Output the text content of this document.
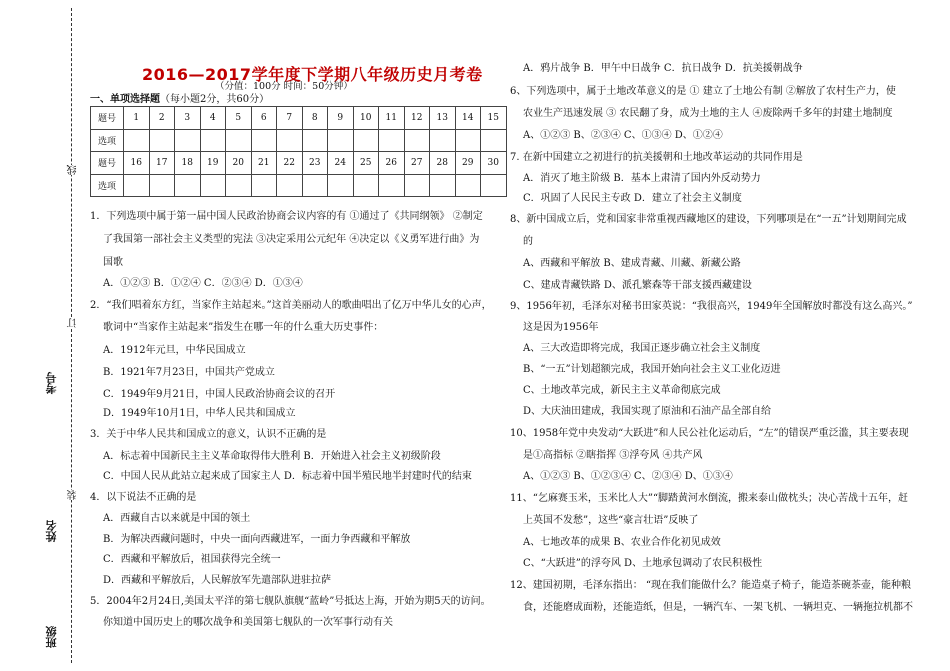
线
订
考号
装
姓名
班级
2016—2017学年度下学期八年级历史月考卷
（分值：100分 时间：50分钟）
一、单项选择题（每小题2分，共60分）
题号	1	2	3	4	5	6	7	8	9	10	11	12	13	14	15
选项															
题号	16	17	18	19	20	21	22	23	24	25	26	27	28	29	30
选项															
1．下列选项中属于第一届中国人民政治协商会议内容的有 ①通过了《共同纲领》 ②制定
了我国第一部社会主义类型的宪法 ③决定采用公元纪年 ④决定以《义勇军进行曲》为
国歌
A．①②③ B．①②④ C．②③④ D．①③④
2．“我们唱着东方红，当家作主站起来。”这首美丽动人的歌曲唱出了亿万中华儿女的心声，
歌词中“当家作主站起来”指发生在哪一年的什么重大历史事件：
A．1912年元旦，中华民国成立
B．1921年7月23日，中国共产党成立
C．1949年9月21日，中国人民政治协商会议的召开
D．1949年10月1日，中华人民共和国成立
3．关于中华人民共和国成立的意义，认识不正确的是
A．标志着中国新民主主义革命取得伟大胜利 B．开始进入社会主义初级阶段
C．中国人民从此站立起来成了国家主人 D．标志着中国半殖民地半封建时代的结束
4．以下说法不正确的是
A．西藏自古以来就是中国的领土
B．为解决西藏问题时，中央一面向西藏进军，一面力争西藏和平解放
C．西藏和平解放后，祖国获得完全统一
D．西藏和平解放后，人民解放军先遣部队进驻拉萨
5．2004年2月24日,美国太平洋的第七舰队旗舰“蓝岭”号抵达上海，开始为期5天的访问。
你知道中国历史上的哪次战争和美国第七舰队的一次军事行动有关
A．鸦片战争 B．甲午中日战争 C．抗日战争 D．抗美援朝战争
6、下列选项中，属于土地改革意义的是 ① 建立了土地公有制 ②解放了农村生产力，使
农业生产迅速发展 ③ 农民翻了身，成为土地的主人 ④废除两千多年的封建土地制度
A、①②③ B、②③④ C、①③④ D、①②④
7. 在新中国建立之初进行的抗美援朝和土地改革运动的共同作用是
A．消灭了地主阶级 B．基本上肃清了国内外反动势力
C．巩固了人民民主专政 D．建立了社会主义制度
8、新中国成立后，党和国家非常重视西藏地区的建设，下列哪项是在“一五”计划期间完成
的
A、西藏和平解放 B、建成青藏、川藏、新藏公路
C、建成青藏铁路 D、派孔繁森等干部支援西藏建设
9、1956年初，毛泽东对秘书田家英说：“我很高兴，1949年全国解放时都没有这么高兴。”
这是因为1956年
A、三大改造即将完成，我国正逐步确立社会主义制度
B、“一五”计划超额完成，我国开始向社会主义工业化迈进
C、土地改革完成，新民主主义革命彻底完成
D、大庆油田建成，我国实现了原油和石油产品全部自给
10、1958年党中央发动“大跃进”和人民公社化运动后，“左”的错误严重泛滥，其主要表现
是①高指标 ②瞎指挥 ③浮夸风 ④共产风
A、①②③ B、①②③④ C、②③④ D、①③④
11、“乞麻赛玉米，玉米比人大”“脚踏黄河水倒流，搬来泰山做枕头；决心苦战十五年，赶
上英国不发愁”，这些“豪言壮语”反映了
A、七地改革的成果 B、农业合作化初见成效
C、“大跃进”的浮夸风 D、土地承包调动了农民积极性
12、建国初期，毛泽东指出： “现在我们能做什么？能造桌子椅子，能造茶碗茶壶，能种粮
食，还能磨成面粉，还能造纸，但是，一辆汽车、一架飞机、一辆坦克、一辆拖拉机都不
